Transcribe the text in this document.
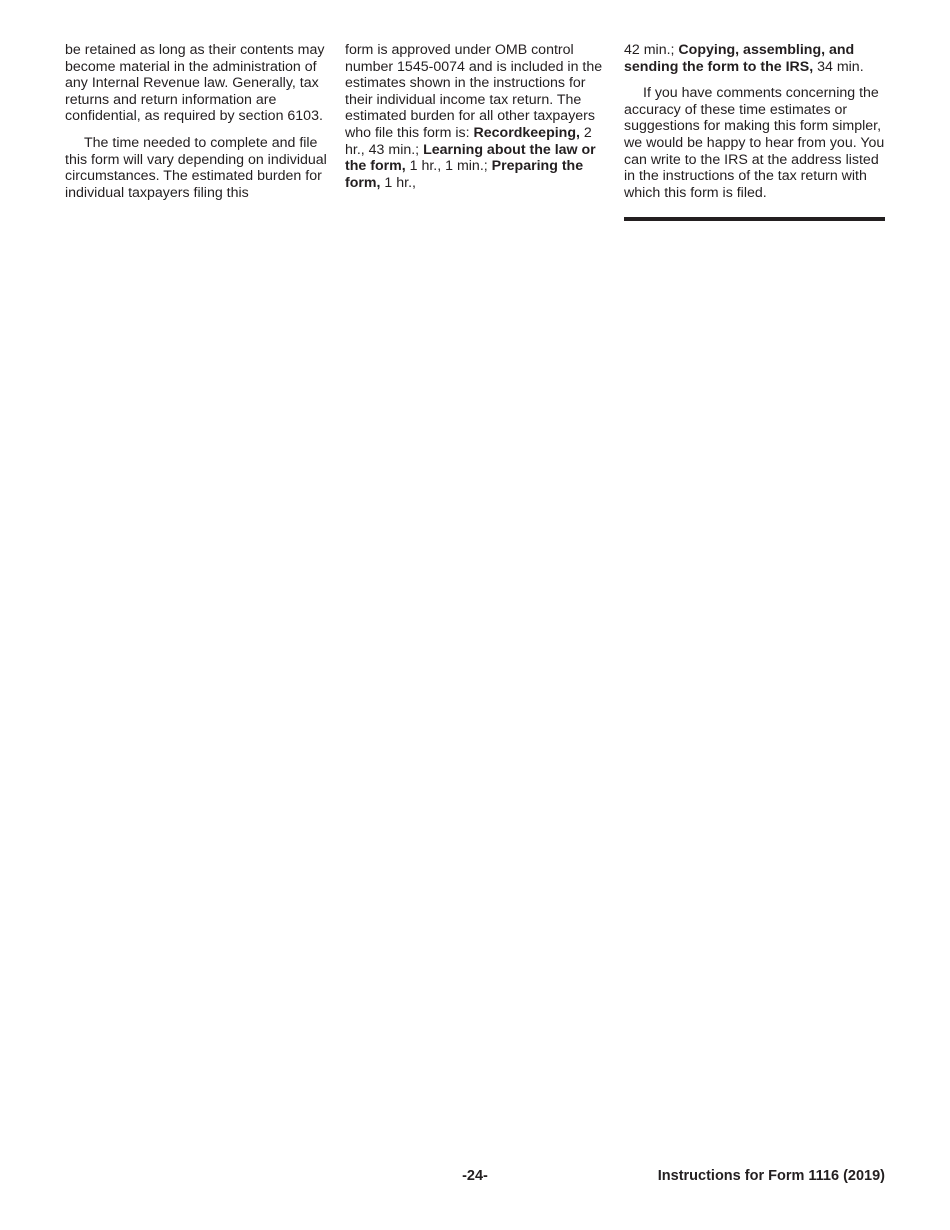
be retained as long as their contents may become material in the administration of any Internal Revenue law. Generally, tax returns and return information are confidential, as required by section 6103.

The time needed to complete and file this form will vary depending on individual circumstances. The estimated burden for individual taxpayers filing this

form is approved under OMB control number 1545-0074 and is included in the estimates shown in the instructions for their individual income tax return. The estimated burden for all other taxpayers who file this form is: Recordkeeping, 2 hr., 43 min.; Learning about the law or the form, 1 hr., 1 min.; Preparing the form, 1 hr.,

42 min.; Copying, assembling, and sending the form to the IRS, 34 min.

If you have comments concerning the accuracy of these time estimates or suggestions for making this form simpler, we would be happy to hear from you. You can write to the IRS at the address listed in the instructions of the tax return with which this form is filed.

-24-	Instructions for Form 1116 (2019)
